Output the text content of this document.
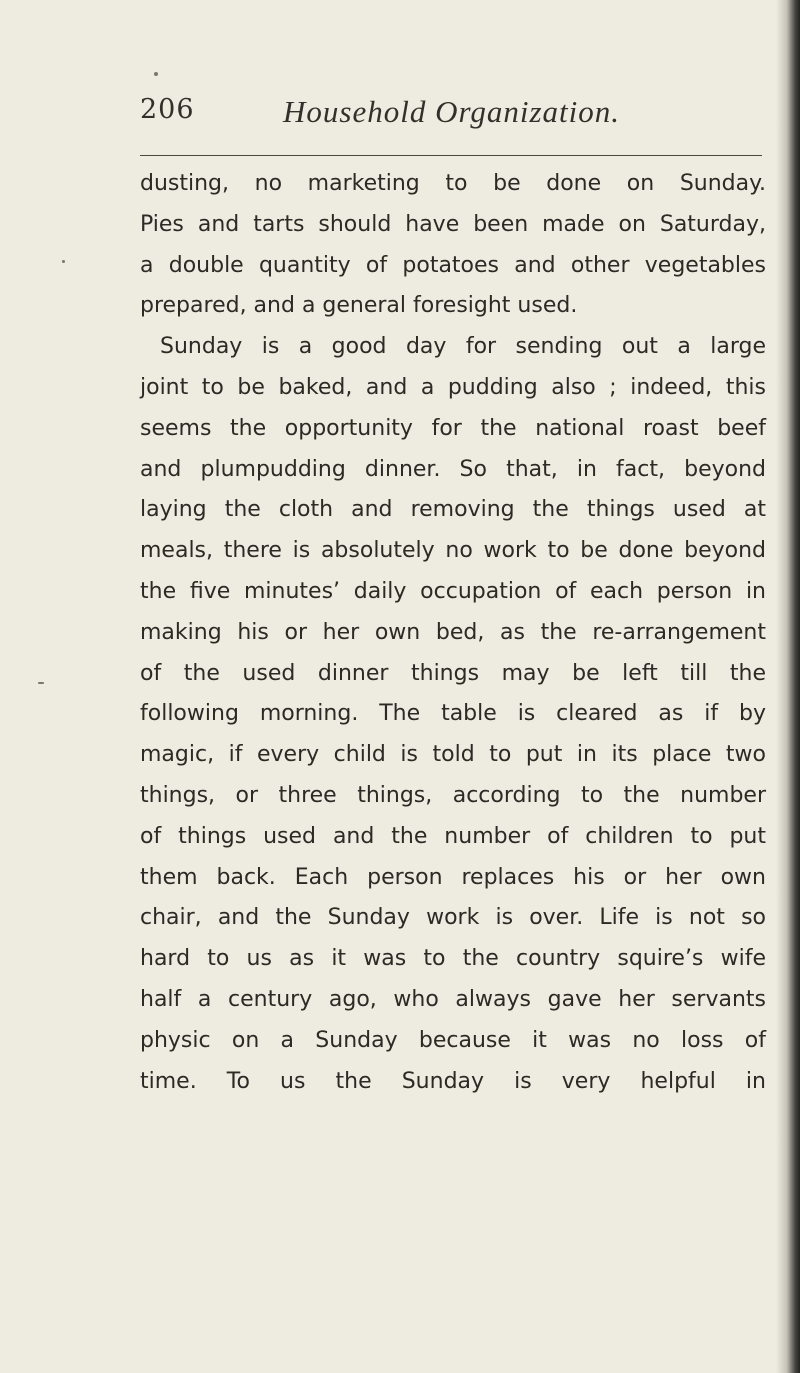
206	Household Organization.
dusting, no marketing to be done on Sunday.
Pies and tarts should have been made on Saturday,
a double quantity of potatoes and other vegetables
prepared, and a general foresight used.
Sunday is a good day for sending out a large
joint to be baked, and a pudding also ; indeed, this
seems the opportunity for the national roast beef
and plumpudding dinner. So that, in fact, beyond
laying the cloth and removing the things used at
meals, there is absolutely no work to be done beyond
the five minutes’ daily occupation of each person in
making his or her own bed, as the re-arrangement
of the used dinner things may be left till the
following morning. The table is cleared as if by
magic, if every child is told to put in its place two
things, or three things, according to the number
of things used and the number of children to put
them back. Each person replaces his or her own
chair, and the Sunday work is over. Life is not so
hard to us as it was to the country squire’s wife
half a century ago, who always gave her servants
physic on a Sunday because it was no loss of
time. To us the Sunday is very helpful in
